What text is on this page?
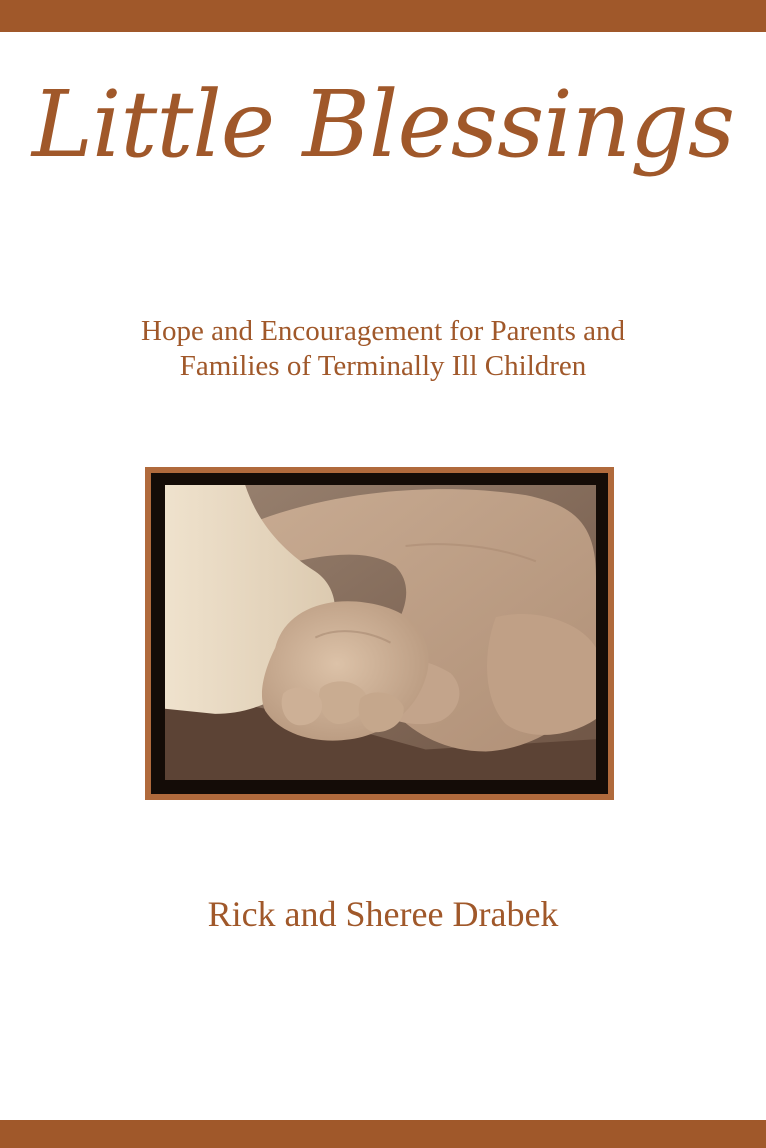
Little Blessings

Hope and Encouragement for Parents and
Families of Terminally Ill Children

Rick and Sheree Drabek
